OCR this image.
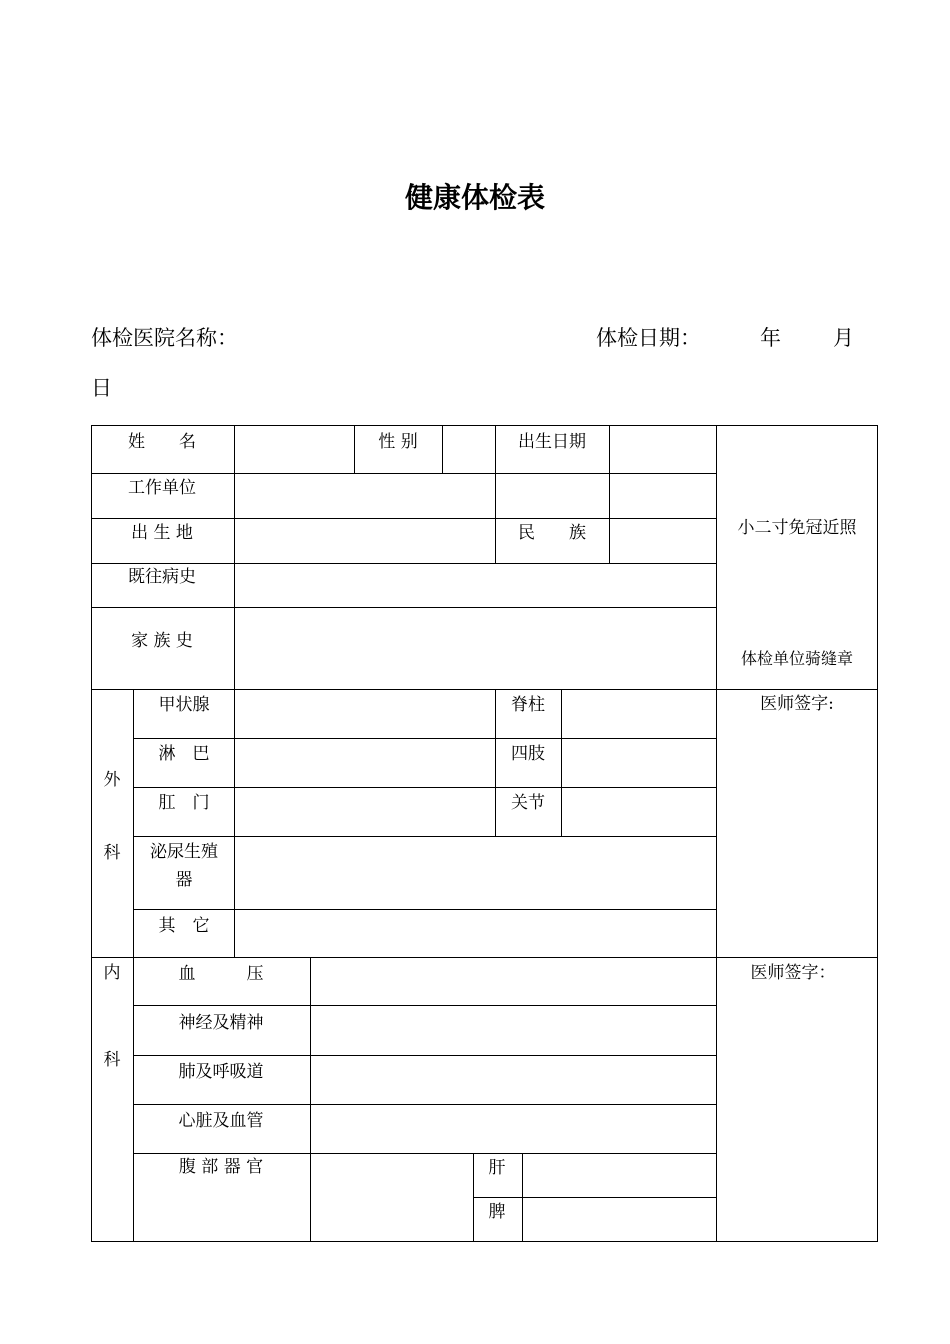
健康体检表
体检医院名称：	体检日期：	年 月
日
姓　　名	性 别	出生日期
工作单位
出 生 地	民　　族
既往病史
家 族 史
小二寸免冠近照
体检单位骑缝章
外
科
甲状腺	脊柱
淋　巴	四肢
肛　门	关节
泌尿生殖
器
其　它
医师签字:
内
科
血　　　压
神经及精神
肺及呼吸道
心脏及血管
腹 部 器 官	肝
脾
医师签字：
